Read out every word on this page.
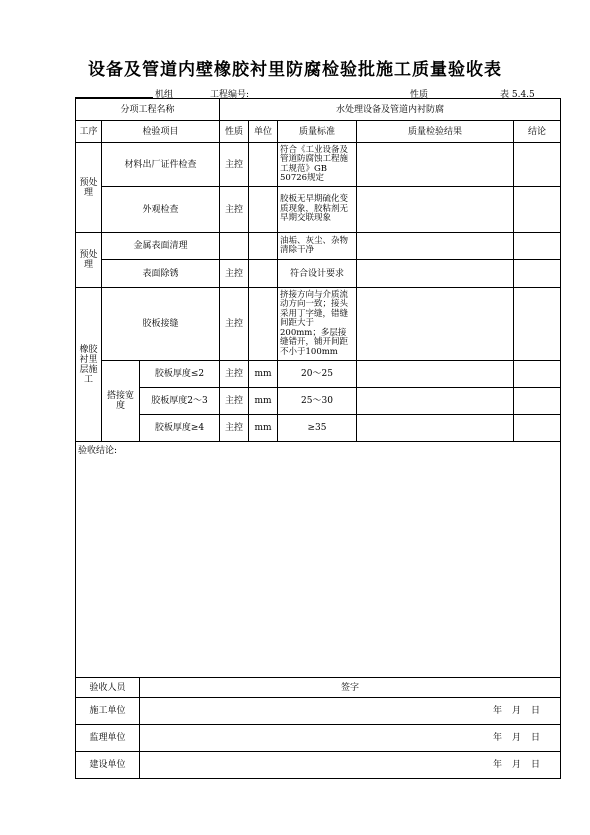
设备及管道内壁橡胶衬里防腐检验批施工质量验收表
机组	工程编号:	性质	表 5.4.5
分项工程名称			水处理设备及管道内衬防腐				
工序	检验项目		性质	单位	质量标准	质量检验结果	结论
预处理	材料出厂证件检查		主控		符合《工业设备及管道防腐蚀工程施工规范》GB 50726规定		
	外观检查		主控		胶板无早期硫化变质现象，胶粘剂无早期交联现象		
预处理	金属表面清理				油垢、灰尘、杂物清除干净		
	表面除锈		主控		符合设计要求		
橡胶衬里层施工	胶板接缝		主控		挤接方向与介质流动方向一致；接头采用丁字缝，错缝间距大于200mm；多层接缝错开，铺开间距不小于100mm		
	搭接宽度	胶板厚度≤2	主控	mm	20～25		
		胶板厚度2～3	主控	mm	25～30		
		胶板厚度≥4	主控	mm	≥35		
验收结论:							
验收人员		签字					
施工单位		年 月 日					

监理单位		年 月 日					

建设单位		年 月 日					
